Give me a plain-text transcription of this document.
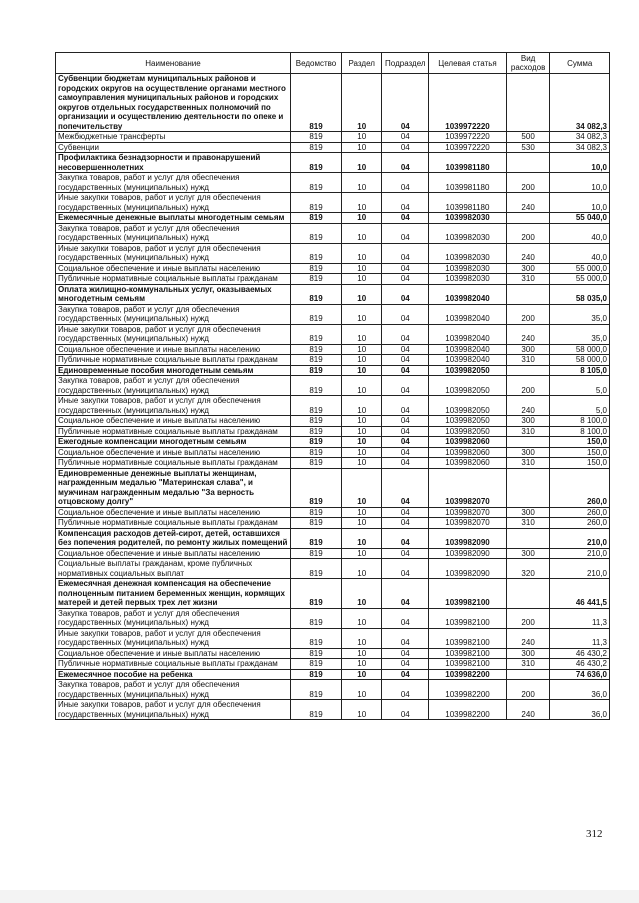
Наименование	Ведомство	Раздел	Подраздел	Целевая статья	Вид расходов	Сумма
Субвенции бюджетам муниципальных районов и городских округов на осуществление органами местного самоуправления муниципальных районов и городских округов отдельных государственных полномочий по организации и осуществлению деятельности по опеке и попечительству	819	10	04	1039972220		34 082,3
Межбюджетные трансферты	819	10	04	1039972220	500	34 082,3
Субвенции	819	10	04	1039972220	530	34 082,3
Профилактика безнадзорности и правонарушений несовершеннолетних	819	10	04	1039981180		10,0
Закупка товаров, работ и услуг для обеспечения государственных (муниципальных) нужд	819	10	04	1039981180	200	10,0
Иные закупки товаров, работ и услуг для обеспечения государственных (муниципальных) нужд	819	10	04	1039981180	240	10,0
Ежемесячные денежные выплаты многодетным семьям	819	10	04	1039982030		55 040,0
Закупка товаров, работ и услуг для обеспечения государственных (муниципальных) нужд	819	10	04	1039982030	200	40,0
Иные закупки товаров, работ и услуг для обеспечения государственных (муниципальных) нужд	819	10	04	1039982030	240	40,0
Социальное обеспечение и иные выплаты населению	819	10	04	1039982030	300	55 000,0
Публичные нормативные социальные выплаты гражданам	819	10	04	1039982030	310	55 000,0
Оплата жилищно-коммунальных услуг, оказываемых многодетным семьям	819	10	04	1039982040		58 035,0
Закупка товаров, работ и услуг для обеспечения государственных (муниципальных) нужд	819	10	04	1039982040	200	35,0
Иные закупки товаров, работ и услуг для обеспечения государственных (муниципальных) нужд	819	10	04	1039982040	240	35,0
Социальное обеспечение и иные выплаты населению	819	10	04	1039982040	300	58 000,0
Публичные нормативные социальные выплаты гражданам	819	10	04	1039982040	310	58 000,0
Единовременные пособия многодетным семьям	819	10	04	1039982050		8 105,0
Закупка товаров, работ и услуг для обеспечения государственных (муниципальных) нужд	819	10	04	1039982050	200	5,0
Иные закупки товаров, работ и услуг для обеспечения государственных (муниципальных) нужд	819	10	04	1039982050	240	5,0
Социальное обеспечение и иные выплаты населению	819	10	04	1039982050	300	8 100,0
Публичные нормативные социальные выплаты гражданам	819	10	04	1039982050	310	8 100,0
Ежегодные компенсации многодетным семьям	819	10	04	1039982060		150,0
Социальное обеспечение и иные выплаты населению	819	10	04	1039982060	300	150,0
Публичные нормативные социальные выплаты гражданам	819	10	04	1039982060	310	150,0
Единовременные денежные выплаты женщинам, награжденным медалью "Материнская слава", и мужчинам награжденным медалью "За верность отцовскому долгу"	819	10	04	1039982070		260,0
Социальное обеспечение и иные выплаты населению	819	10	04	1039982070	300	260,0
Публичные нормативные социальные выплаты гражданам	819	10	04	1039982070	310	260,0
Компенсация расходов детей-сирот, детей, оставшихся без попечения родителей, по ремонту жилых помещений	819	10	04	1039982090		210,0
Социальное обеспечение и иные выплаты населению	819	10	04	1039982090	300	210,0
Социальные выплаты гражданам, кроме публичных нормативных социальных выплат	819	10	04	1039982090	320	210,0
Ежемесячная денежная компенсация на обеспечение полноценным питанием беременных женщин, кормящих матерей и детей первых трех лет жизни	819	10	04	1039982100		46 441,5
Закупка товаров, работ и услуг для обеспечения государственных (муниципальных) нужд	819	10	04	1039982100	200	11,3
Иные закупки товаров, работ и услуг для обеспечения государственных (муниципальных) нужд	819	10	04	1039982100	240	11,3
Социальное обеспечение и иные выплаты населению	819	10	04	1039982100	300	46 430,2
Публичные нормативные социальные выплаты гражданам	819	10	04	1039982100	310	46 430,2
Ежемесячное пособие на ребенка	819	10	04	1039982200		74 636,0
Закупка товаров, работ и услуг для обеспечения государственных (муниципальных) нужд	819	10	04	1039982200	200	36,0
Иные закупки товаров, работ и услуг для обеспечения государственных (муниципальных) нужд	819	10	04	1039982200	240	36,0
312
